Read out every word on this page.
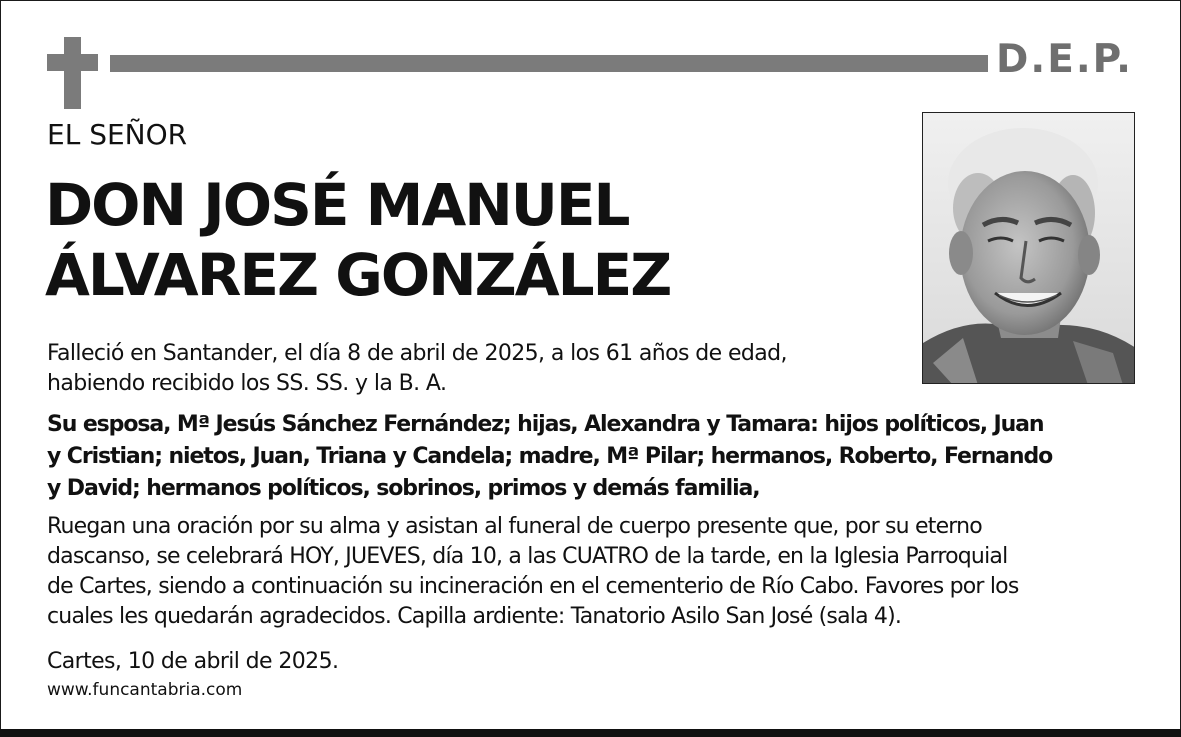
D.E.P.
EL SEÑOR
DON JOSÉ MANUEL
ÁLVAREZ GONZÁLEZ
Falleció en Santander, el día 8 de abril de 2025, a los 61 años de edad,
habiendo recibido los SS. SS. y la B. A.
Su esposa, Mª Jesús Sánchez Fernández; hijas, Alexandra y Tamara: hijos políticos, Juan
y Cristian; nietos, Juan, Triana y Candela; madre, Mª Pilar; hermanos, Roberto, Fernando
y David; hermanos políticos, sobrinos, primos y demás familia,
Ruegan una oración por su alma y asistan al funeral de cuerpo presente que, por su eterno
dascanso, se celebrará HOY, JUEVES, día 10, a las CUATRO de la tarde, en la Iglesia Parroquial
de Cartes, siendo a continuación su incineración en el cementerio de Río Cabo. Favores por los
cuales les quedarán agradecidos. Capilla ardiente: Tanatorio Asilo San José (sala 4).
Cartes, 10 de abril de 2025.
www.funcantabria.com
